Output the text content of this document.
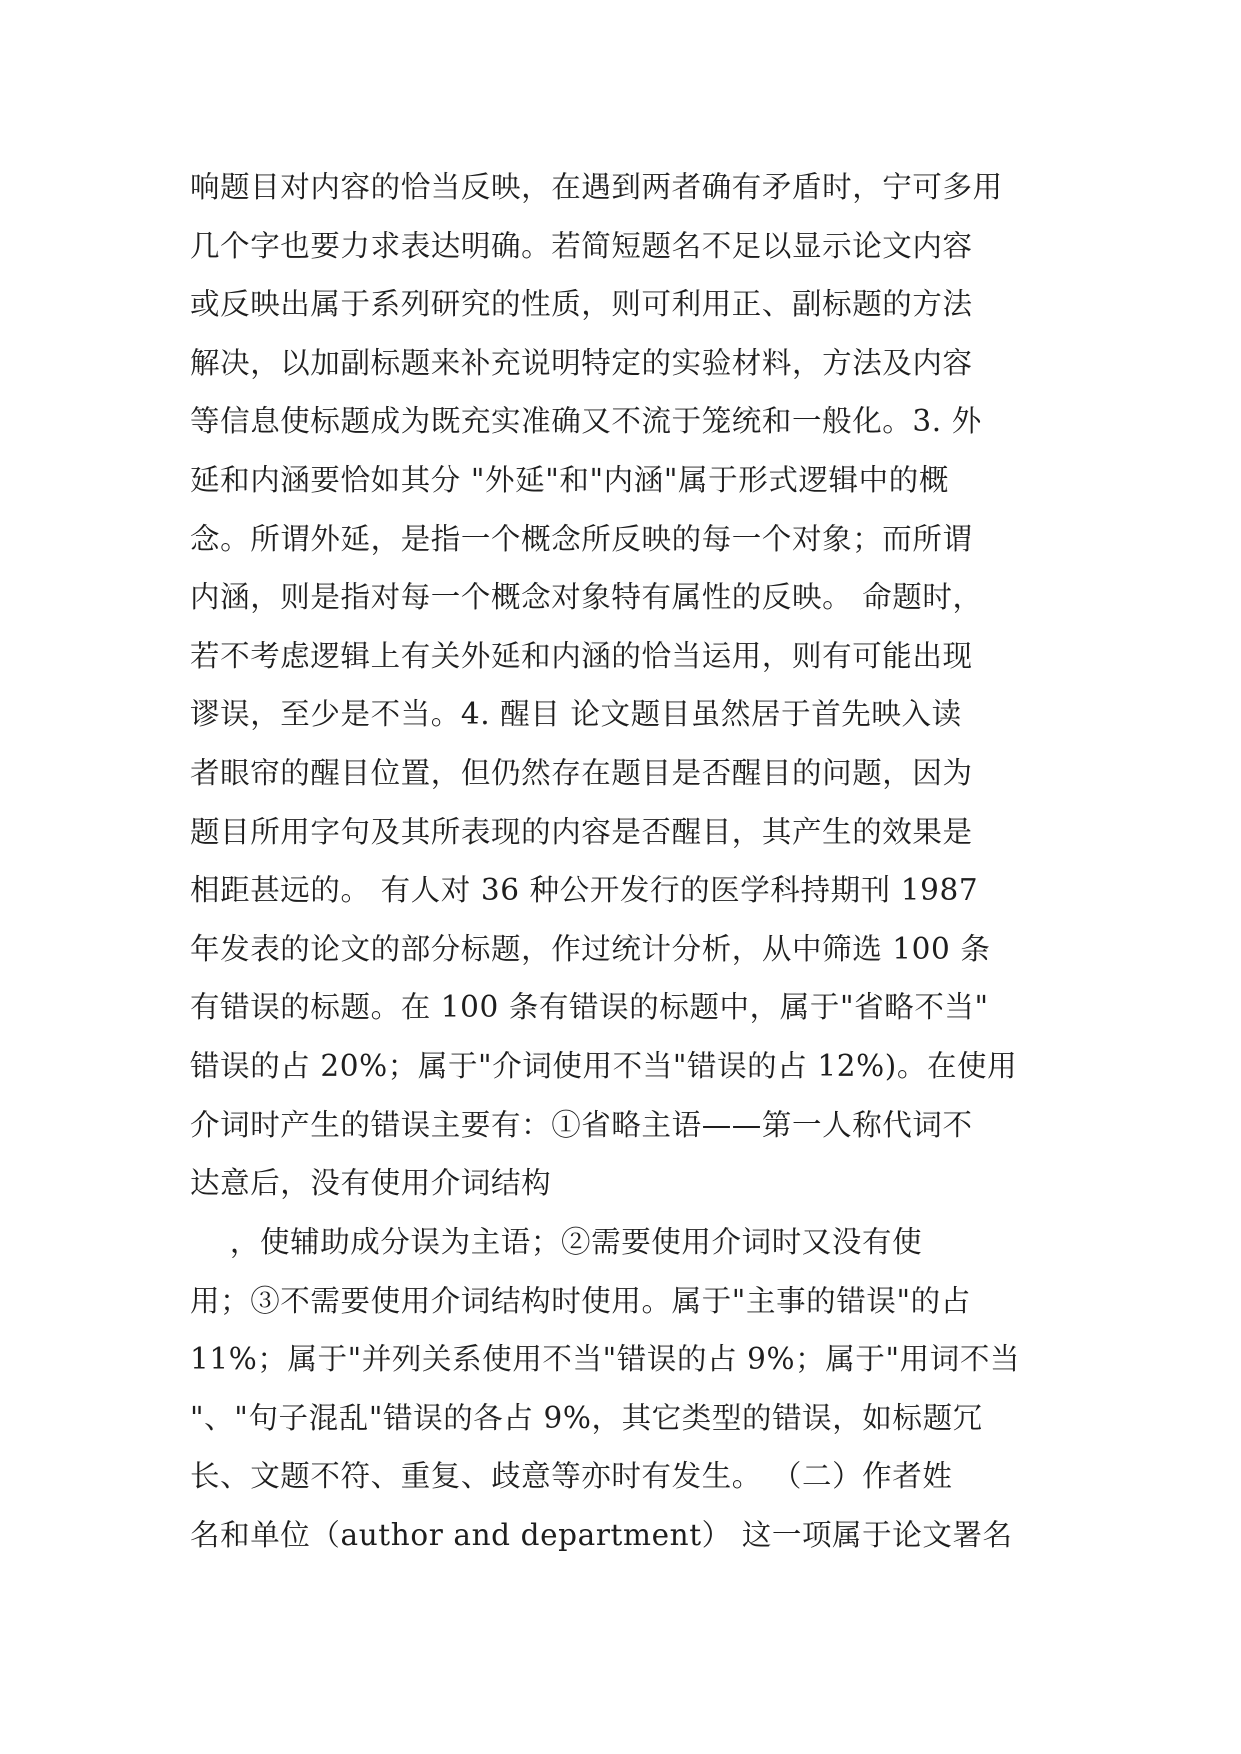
响题目对内容的恰当反映，在遇到两者确有矛盾时，宁可多用
几个字也要力求表达明确。若简短题名不足以显示论文内容
或反映出属于系列研究的性质，则可利用正、副标题的方法
解决，以加副标题来补充说明特定的实验材料，方法及内容
等信息使标题成为既充实准确又不流于笼统和一般化。3. 外
延和内涵要恰如其分 "外延"和"内涵"属于形式逻辑中的概
念。所谓外延，是指一个概念所反映的每一个对象；而所谓
内涵，则是指对每一个概念对象特有属性的反映。 命题时，
若不考虑逻辑上有关外延和内涵的恰当运用，则有可能出现
谬误，至少是不当。4. 醒目 论文题目虽然居于首先映入读
者眼帘的醒目位置，但仍然存在题目是否醒目的问题，因为
题目所用字句及其所表现的内容是否醒目，其产生的效果是
相距甚远的。 有人对 36 种公开发行的医学科持期刊 1987
年发表的论文的部分标题，作过统计分析，从中筛选 100 条
有错误的标题。在 100 条有错误的标题中，属于"省略不当"
错误的占 20%；属于"介词使用不当"错误的占 12%)。在使用
介词时产生的错误主要有：①省略主语——第一人称代词不
达意后，没有使用介词结构
，使辅助成分误为主语；②需要使用介词时又没有使
用；③不需要使用介词结构时使用。属于"主事的错误"的占
11%；属于"并列关系使用不当"错误的占 9%；属于"用词不当
"、"句子混乱"错误的各占 9%，其它类型的错误，如标题冗
长、文题不符、重复、歧意等亦时有发生。 （二）作者姓
名和单位（author and department） 这一项属于论文署名
